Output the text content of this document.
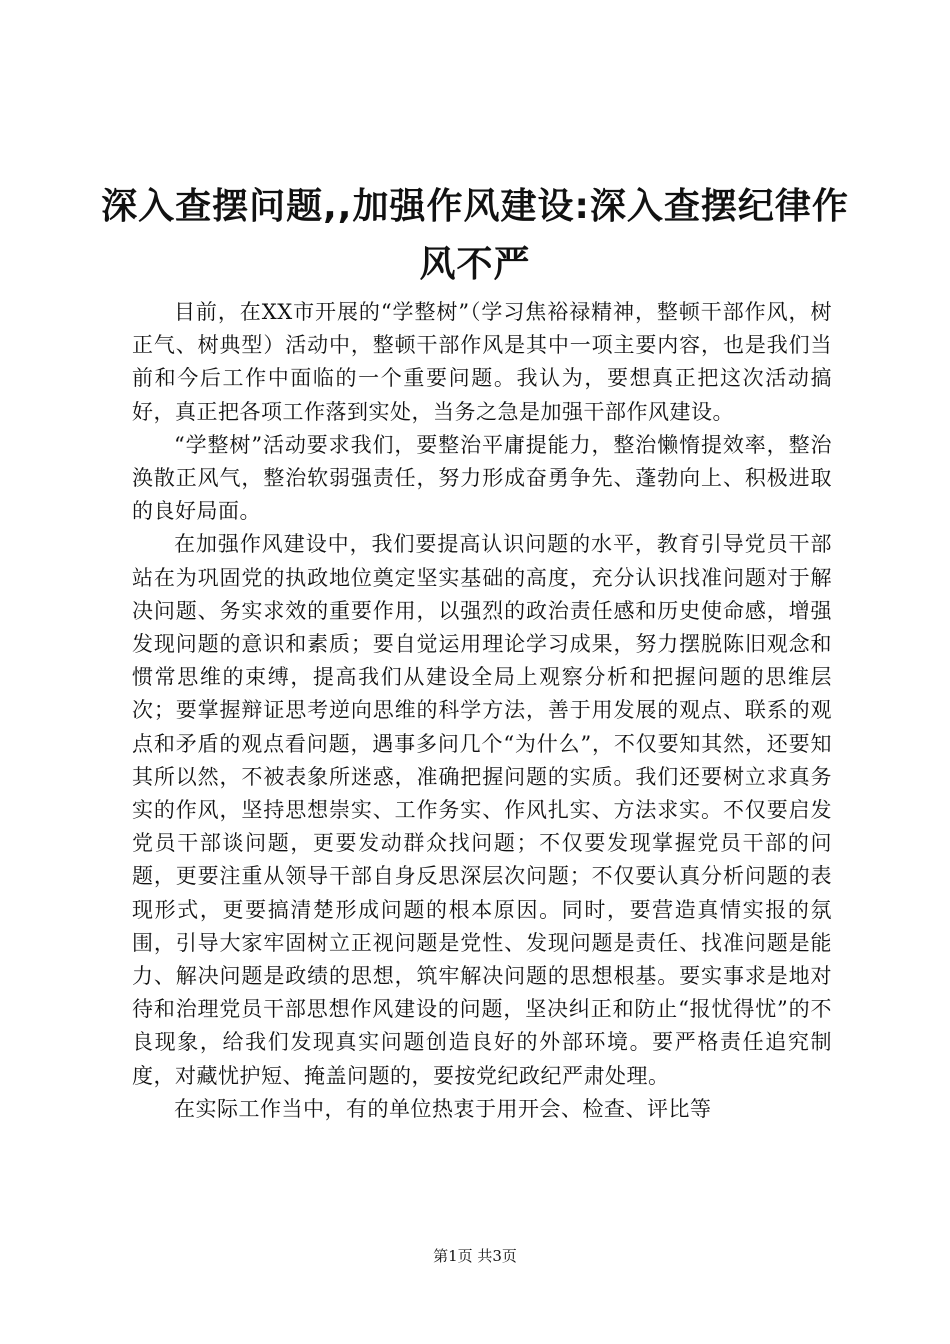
深入查摆问题,,加强作风建设:深入查摆纪律作风不严

目前，在XX市开展的“学整树”（学习焦裕禄精神，整顿干部作风，树正气、树典型）活动中，整顿干部作风是其中一项主要内容，也是我们当前和今后工作中面临的一个重要问题。我认为，要想真正把这次活动搞好，真正把各项工作落到实处，当务之急是加强干部作风建设。

“学整树”活动要求我们，要整治平庸提能力，整治懒惰提效率，整治涣散正风气，整治软弱强责任，努力形成奋勇争先、蓬勃向上、积极进取的良好局面。

在加强作风建设中，我们要提高认识问题的水平，教育引导党员干部站在为巩固党的执政地位奠定坚实基础的高度，充分认识找准问题对于解决问题、务实求效的重要作用，以强烈的政治责任感和历史使命感，增强发现问题的意识和素质；要自觉运用理论学习成果，努力摆脱陈旧观念和惯常思维的束缚，提高我们从建设全局上观察分析和把握问题的思维层次；要掌握辩证思考逆向思维的科学方法，善于用发展的观点、联系的观点和矛盾的观点看问题，遇事多问几个“为什么”，不仅要知其然，还要知其所以然，不被表象所迷惑，准确把握问题的实质。我们还要树立求真务实的作风，坚持思想崇实、工作务实、作风扎实、方法求实。不仅要启发党员干部谈问题，更要发动群众找问题；不仅要发现掌握党员干部的问题，更要注重从领导干部自身反思深层次问题；不仅要认真分析问题的表现形式，更要搞清楚形成问题的根本原因。同时，要营造真情实报的氛围，引导大家牢固树立正视问题是党性、发现问题是责任、找准问题是能力、解决问题是政绩的思想，筑牢解决问题的思想根基。要实事求是地对待和治理党员干部思想作风建设的问题，坚决纠正和防止“报忧得忧”的不良现象，给我们发现真实问题创造良好的外部环境。要严格责任追究制度，对藏忧护短、掩盖问题的，要按党纪政纪严肃处理。

在实际工作当中，有的单位热衷于用开会、检查、评比等

第1页 共3页
